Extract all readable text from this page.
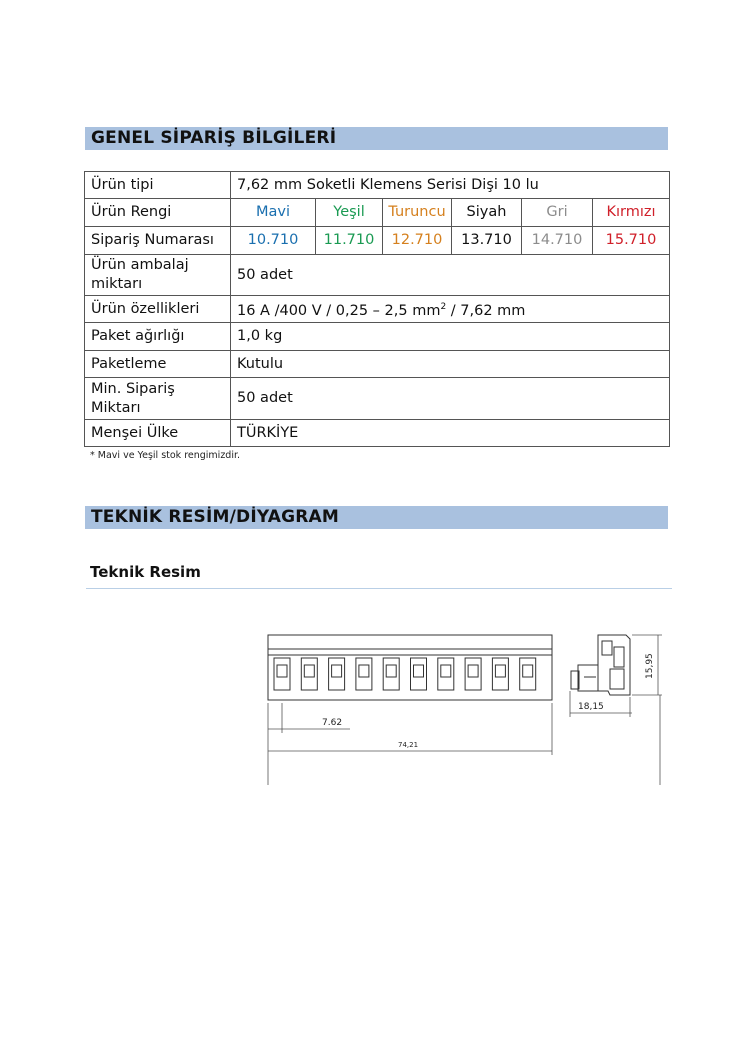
GENEL SİPARİŞ BİLGİLERİ
Ürün tipi	7,62 mm Soketli Klemens Serisi Dişi 10 lu					
Ürün Rengi	Mavi	Yeşil	Turuncu	Siyah	Gri	Kırmızı
Sipariş Numarası	10.710	11.710	12.710	13.710	14.710	15.710
Ürün ambalaj miktarı	50 adet					
Ürün özellikleri	16 A /400 V / 0,25 – 2,5 $mm^2 / 7,62$ mm					
Paket ağırlığı	1,0 kg					
Paketleme	Kutulu					
Min. Sipariş Miktarı	50 adet					
Menşei Ülke	TÜRKİYE					
* Mavi ve Yeşil stok rengimizdir.
TEKNİK RESİM/DİYAGRAM
Teknik Resim
7.62
74,21
18,15
15,95
